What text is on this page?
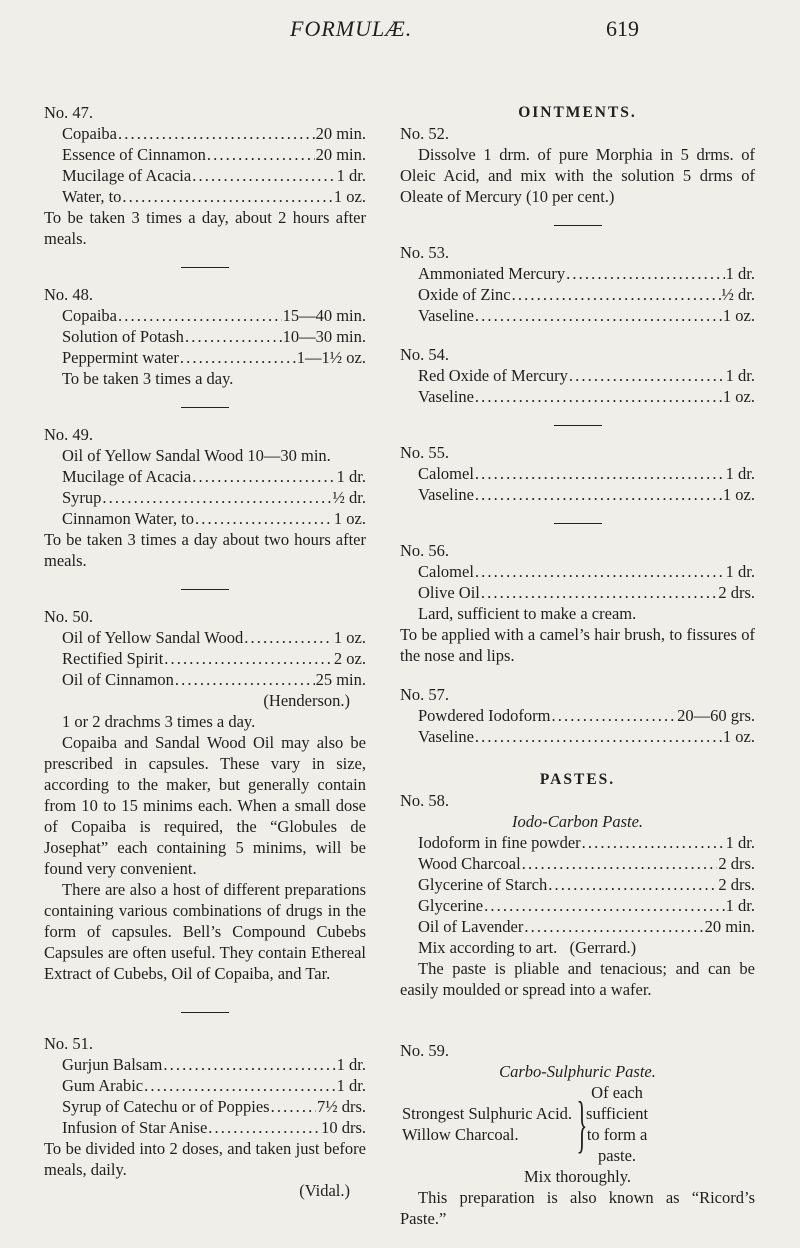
FORMULÆ.	619

No. 47.

Copaiba . . .	20 min.
Essence of Cinnamon . . .	20 min.
Mucilage of Acacia . . .	1 dr.
Water, to . . .	1 oz.

To be taken 3 times a day, about 2 hours after meals.

No. 48.

Copaiba . . .	15—40 min.
Solution of Potash . . .	10—30 min.
Peppermint water . . .	1—1½ oz.

To be taken 3 times a day.

No. 49.

Oil of Yellow Sandal Wood 10—30 min.
Mucilage of Acacia . . .	1 dr.
Syrup . . .	½ dr.
Cinnamon Water, to . . .	1 oz.

To be taken 3 times a day about two hours after meals.

No. 50.

Oil of Yellow Sandal Wood . . .	1 oz.
Rectified Spirit . . .	2 oz.
Oil of Cinnamon . . .	25 min.

(Henderson.)

1 or 2 drachms 3 times a day.

Copaiba and Sandal Wood Oil may also be prescribed in capsules. These vary in size, according to the maker, but generally contain from 10 to 15 minims each. When a small dose of Copaiba is required, the “Globules de Josephat” each containing 5 minims, will be found very convenient.

There are also a host of different preparations containing various combinations of drugs in the form of capsules. Bell’s Compound Cubebs Capsules are often useful. They contain Ethereal Extract of Cubebs, Oil of Copaiba, and Tar.

No. 51.

Gurjun Balsam . . .	1 dr.
Gum Arabic . . .	1 dr.
Syrup of Catechu or of Poppies . . .	7½ drs.
Infusion of Star Anise . . .	10 drs.

To be divided into 2 doses, and taken just before meals, daily.

(Vidal.)

OINTMENTS.

No. 52.

Dissolve 1 drm. of pure Morphia in 5 drms. of Oleic Acid, and mix with the solution 5 drms of Oleate of Mercury (10 per cent.)

No. 53.

Ammoniated Mercury . . .	1 dr.
Oxide of Zinc . . .	½ dr.
Vaseline . . .	1 oz.

No. 54.

Red Oxide of Mercury . . .	1 dr.
Vaseline . . .	1 oz.

No. 55.

Calomel . . .	1 dr.
Vaseline . . .	1 oz.

No. 56.

Calomel . . .	1 dr.
Olive Oil . . .	2 drs.

Lard, sufficient to make a cream.

To be applied with a camel’s hair brush, to fissures of the nose and lips.

No. 57.

Powdered Iodoform . . .	20—60 grs.
Vaseline . . .	1 oz.

PASTES.

No. 58.

Iodo-Carbon Paste.

Iodoform in fine powder . . .	1 dr.
Wood Charcoal . . .	2 drs.
Glycerine of Starch . . .	2 drs.
Glycerine . . .	1 dr.
Oil of Lavender . . .	20 min.

Mix according to art. (Gerrard.)

The paste is pliable and tenacious; and can be easily moulded or spread into a wafer.

No. 59.

Carbo-Sulphuric Paste.

Strongest Sulphuric Acid.
Willow Charcoal. } Of each
sufficient
to form a
paste.

Mix thoroughly.

This preparation is also known as “Ricord’s Paste.”
